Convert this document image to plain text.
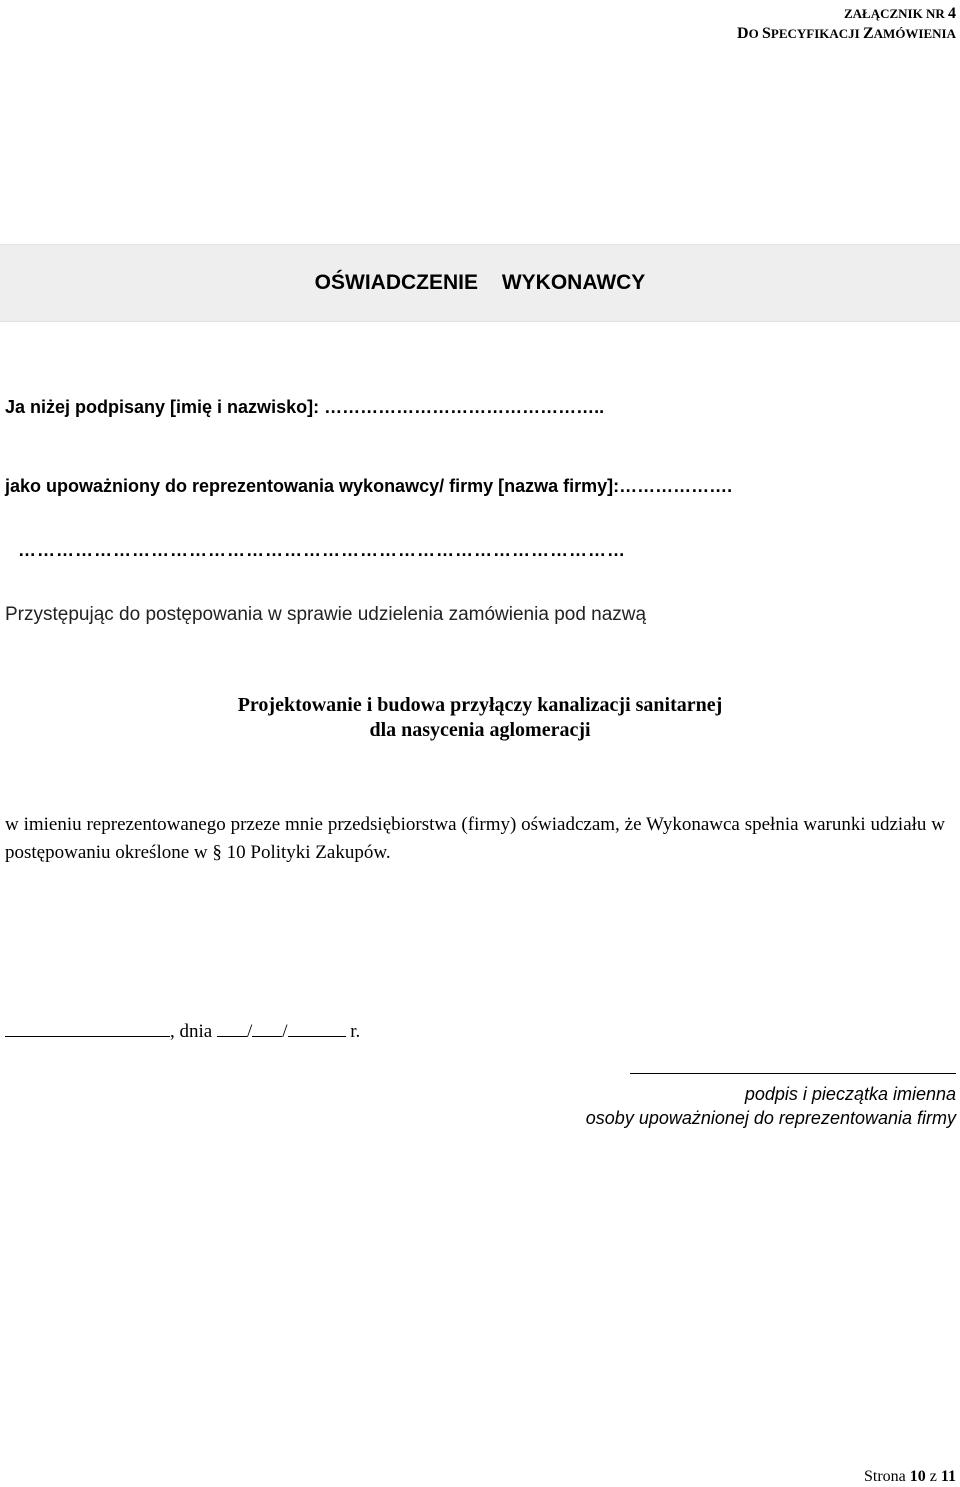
ZAŁĄCZNIK NR 4
DO SPECYFIKACJI ZAMÓWIENIA
OŚWIADCZENIE WYKONAWCY
Ja niżej podpisany [imię i nazwisko]: ………………………………………..
jako upoważniony do reprezentowania wykonawcy/ firmy [nazwa firmy]:……………….
……………………………………………………………………………………
Przystępując do postępowania w sprawie udzielenia zamówienia pod nazwą
Projektowanie i budowa przyłączy kanalizacji sanitarnej
dla nasycenia aglomeracji
w imieniu reprezentowanego przeze mnie przedsiębiorstwa (firmy) oświadczam, że Wykonawca spełnia warunki udziału w postępowaniu określone w § 10 Polityki Zakupów.
, dnia / /	r.
podpis i pieczątka imienna
osoby upoważnionej do reprezentowania firmy
Strona 10 z 11
